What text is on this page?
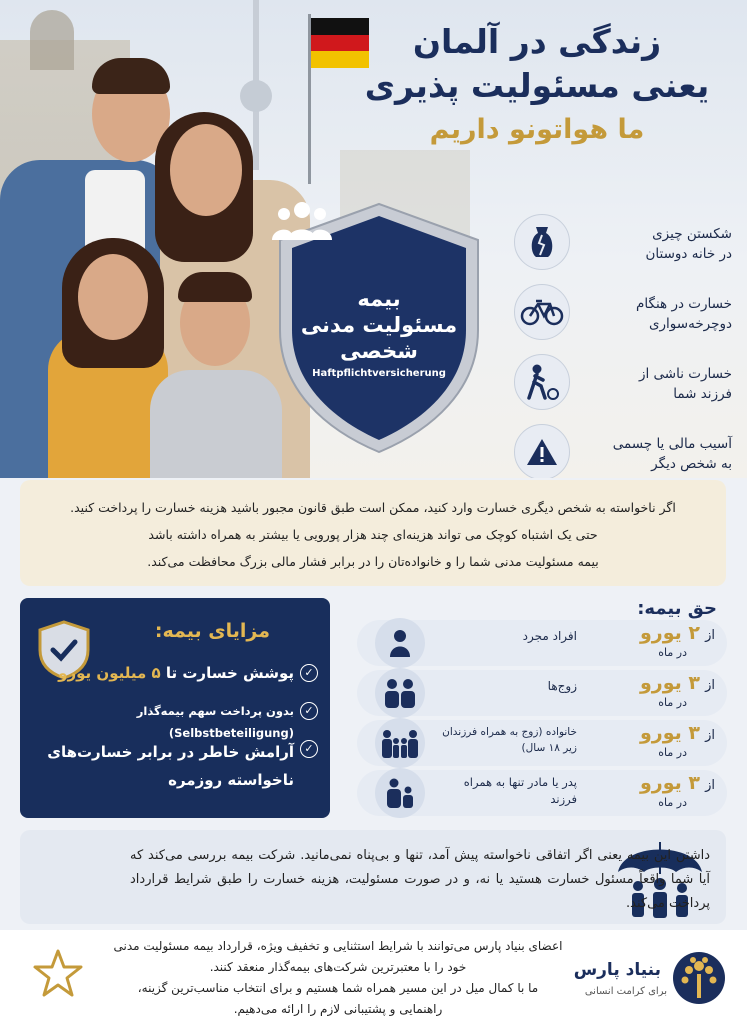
زندگی در آلمان
یعنی مسئولیت پذیری
ما هواتونو داریم
بیمه
مسئولیت مدنی
شخصی
Haftpflichtversicherung
شکستن چیزی
در خانه دوستان
خسارت در هنگام
دوچرخه‌سواری
خسارت ناشی از
فرزند شما
آسیب مالی یا چسمی
به شخص دیگر

اگر ناخواسته به شخص دیگری خسارت وارد کنید، ممکن است طبق قانون مجبور باشید هزینه خسارت را پرداخت کنید.

حتی یک اشتباه کوچک می تواند هزینه‌ای چند هزار پورویی یا بیشتر به همراه داشته باشد

بیمه مسئولیت مدنی شما را و خانواده‌تان را در برابر فشار مالی بزرگ محافظت می‌کند.

مزایای بیمه:
✓
پوشش خسارت تا ۵ میلیون یورو
✓
بدون پرداخت سهم بیمه‌گذار (Selbstbeteiligung)
✓
آرامش خاطر در برابر خسارت‌های
ناخواسته روزمره
حق بیمه:
افراد مجرد	از ۲ یورو
در ماه
زوج‌ها	از ۳ یورو
در ماه
خانواده (زوج به همراه فرزندان زیر ۱۸ سال)
از ۳ یورو
در ماه
پدر یا مادر تنها به همراه فرزند
از ۳ یورو
در ماه
داشتن این بیمه یعنی اگر اتفاقی ناخواسته پیش آمد، تنها و بی‌پناه نمی‌مانید. شرکت بیمه بررسی می‌کند که آیا شما واقعاً مسئول خسارت هستید یا نه، و در صورت مسئولیت، هزینه خسارت را طبق شرایط قرارداد پرداخت می‌کند.
اعضای بنیاد پارس می‌توانند با شرایط استثنایی و تخفیف ویژه، قرارداد بیمه مسئولیت مدنی
خود را با معتبرترین شرکت‌های بیمه‌گذار منعقد کنند.
ما با کمال میل در این مسیر همراه شما هستیم و برای انتخاب مناسب‌ترین گزینه،
راهنمایی و پشتیبانی لازم را ارائه می‌دهیم.
بنیاد پارس
برای کرامت انسانی
